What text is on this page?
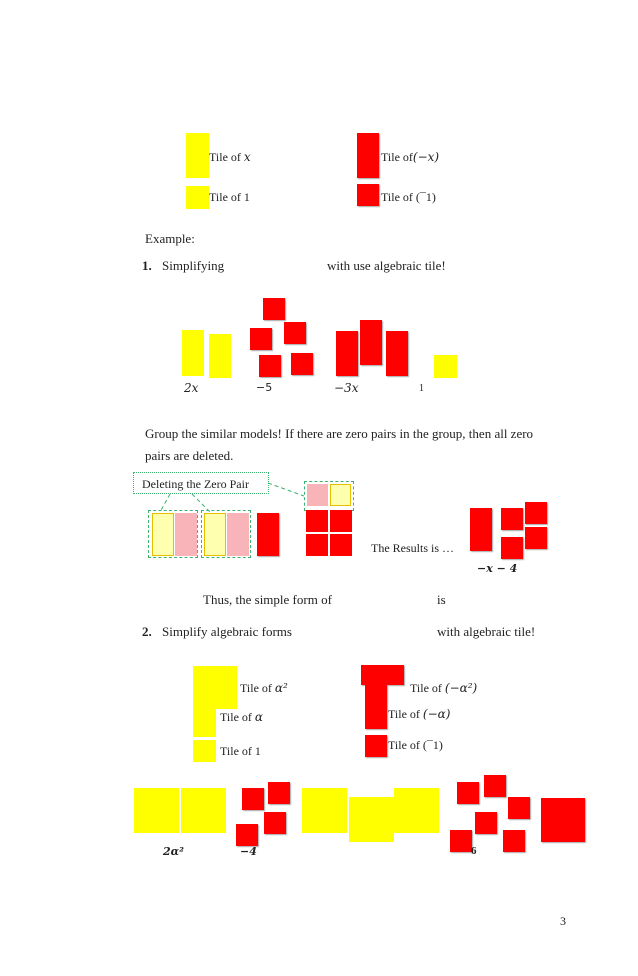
Tile of x	Tile of(−x)
Tile of 1	Tile of (¯1)
Example:
1. Simplifying	with use algebraic tile!
2x	−5	−3x	1
Group the similar models! If there are zero pairs in the group, then all zero
pairs are deleted.
Deleting the Zero Pair
The Results is …
−x − 4
Thus, the simple form of	is
2. Simplify algebraic forms	with algebraic tile!
Tile of α²
Tile of α
Tile of 1
Tile of (−α²)
Tile of (−α)
Tile of (¯1)
2α²	−4	6
3
